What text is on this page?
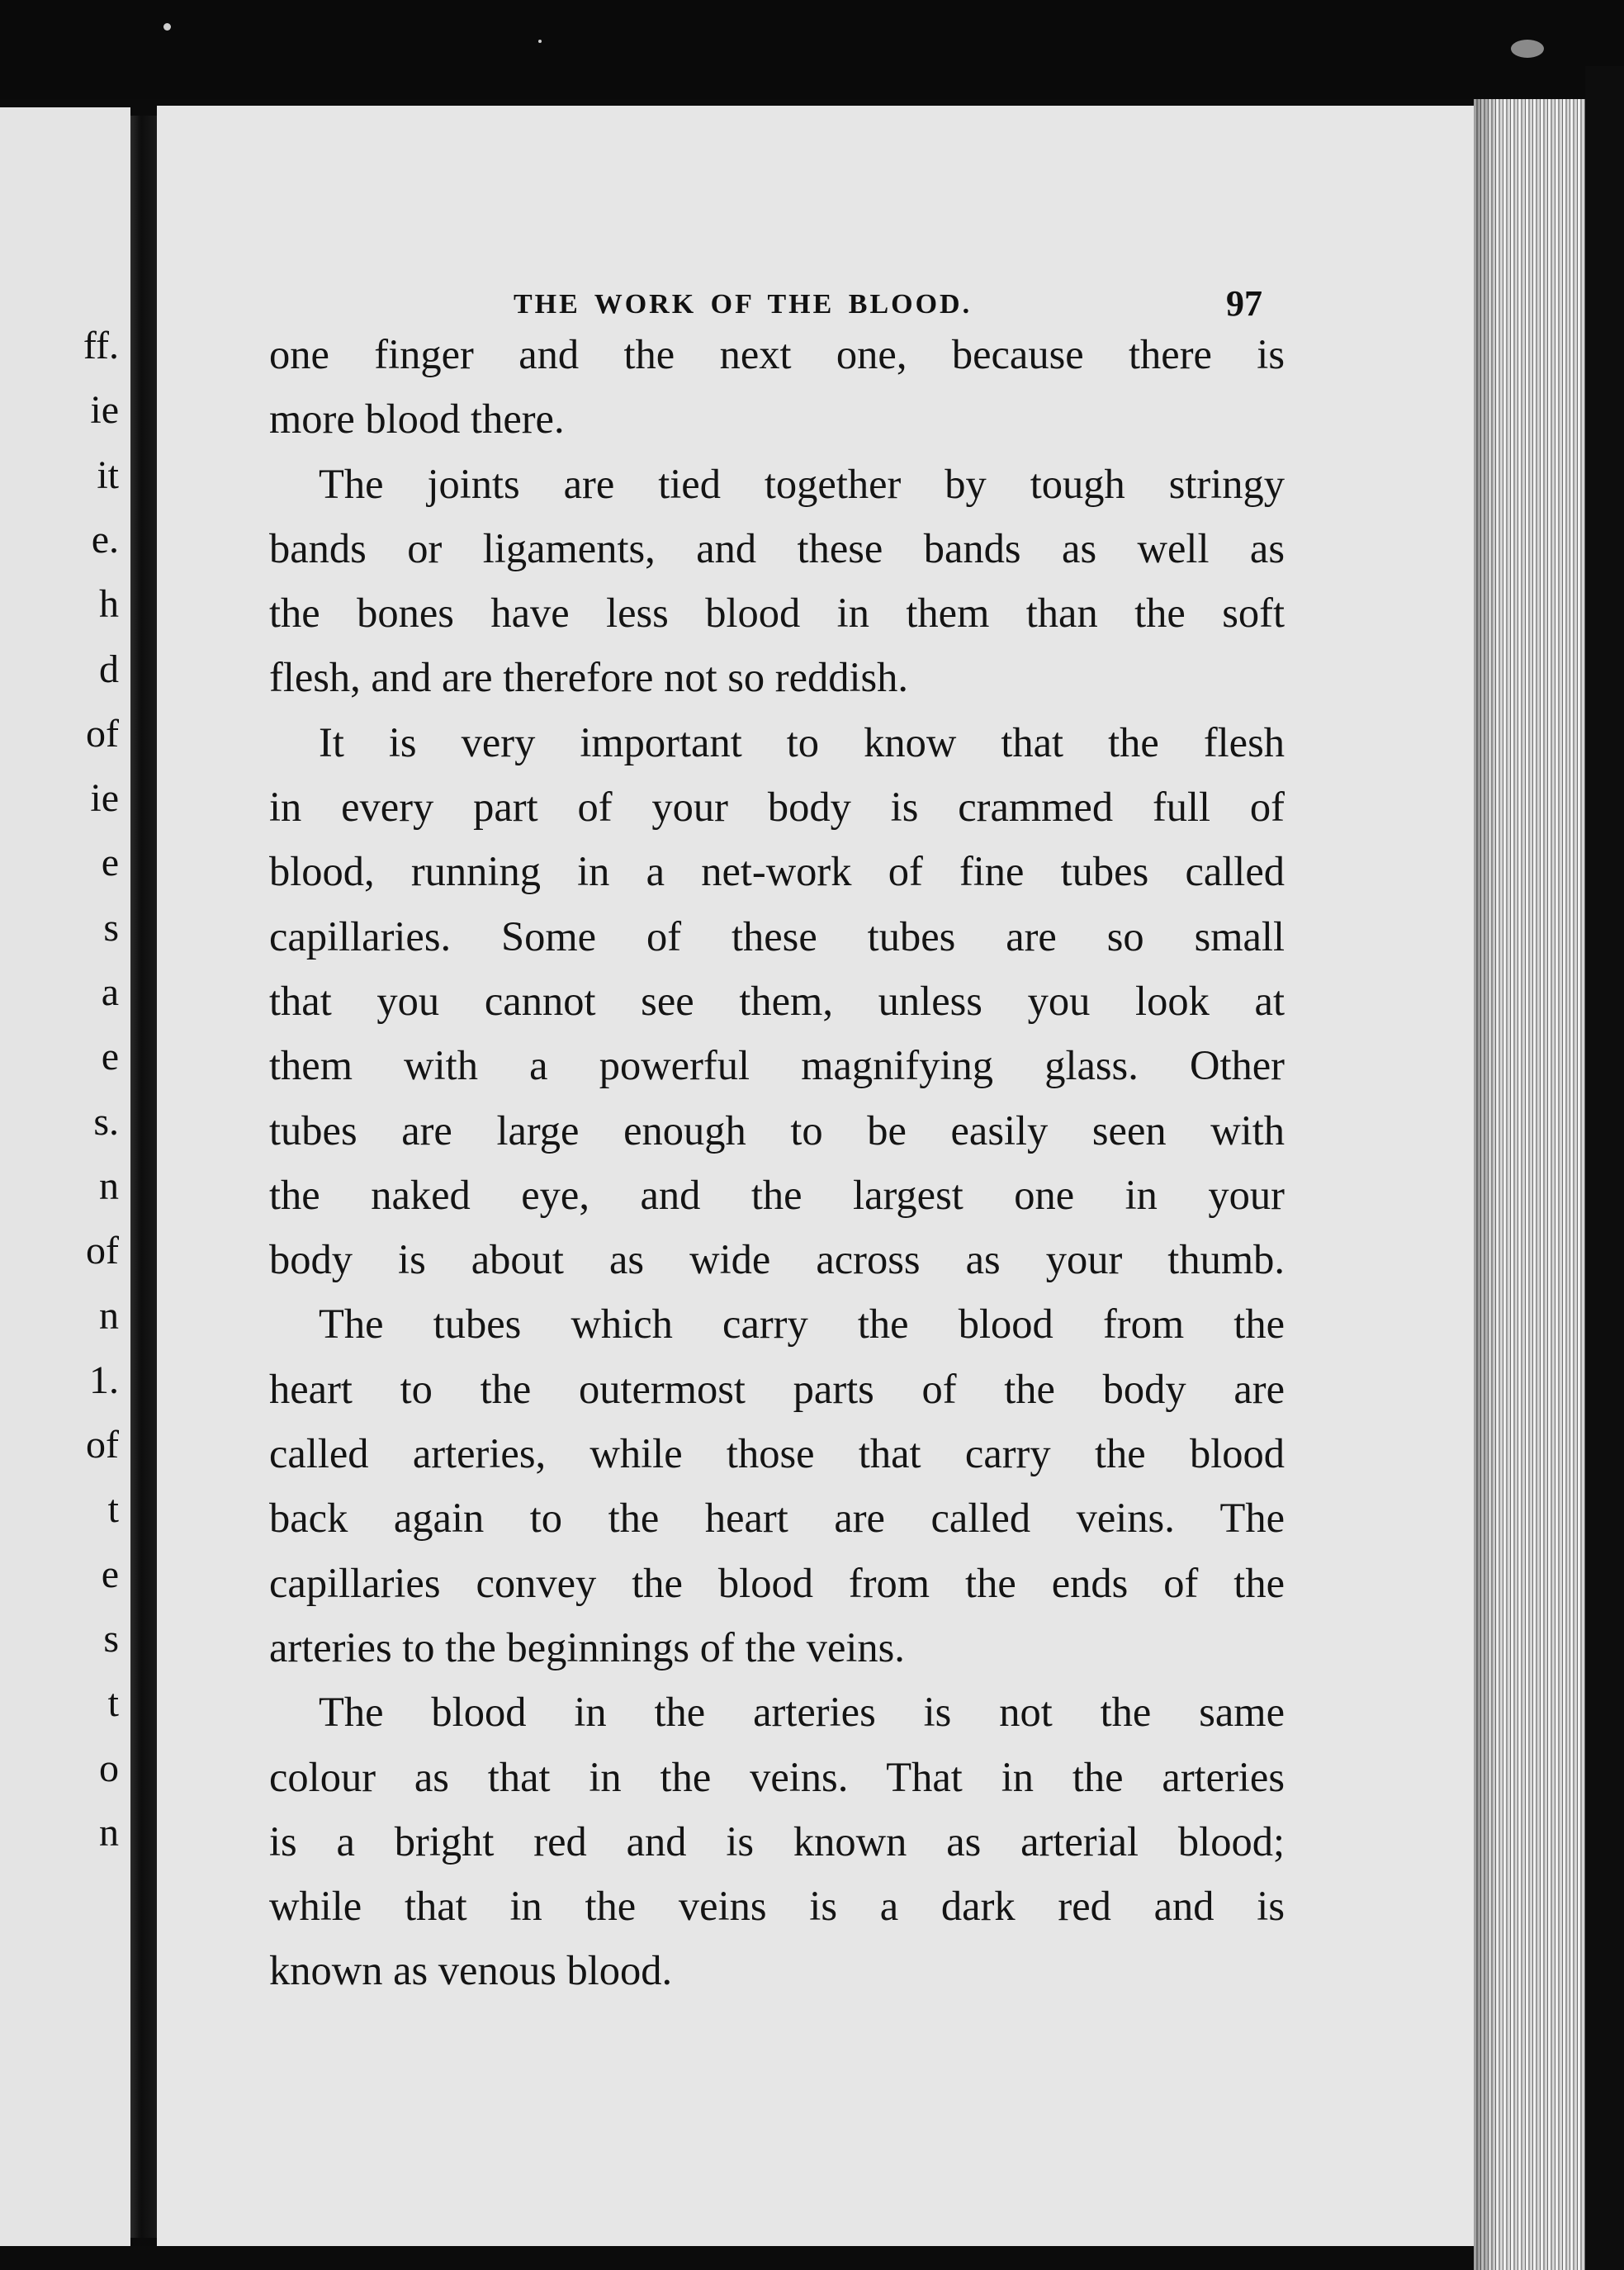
ff.
ie
it
e.
h
d
of
ie
e
s
a
e
s.
n
of
n
1.
of
t
e
s
t
o
n
THE WORK OF THE BLOOD.	97
one finger and the next one, because there is
more blood there.
The joints are tied together by tough stringy
bands or ligaments, and these bands as well as
the bones have less blood in them than the soft
flesh, and are therefore not so reddish.
It is very important to know that the flesh
in every part of your body is crammed full of
blood, running in a net-work of fine tubes called
capillaries. Some of these tubes are so small
that you cannot see them, unless you look at
them with a powerful magnifying glass. Other
tubes are large enough to be easily seen with
the naked eye, and the largest one in your
body is about as wide across as your thumb.
The tubes which carry the blood from the
heart to the outermost parts of the body are
called arteries, while those that carry the blood
back again to the heart are called veins. The
capillaries convey the blood from the ends of the
arteries to the beginnings of the veins.
The blood in the arteries is not the same
colour as that in the veins. That in the arteries
is a bright red and is known as arterial blood;
while that in the veins is a dark red and is
known as venous blood.
